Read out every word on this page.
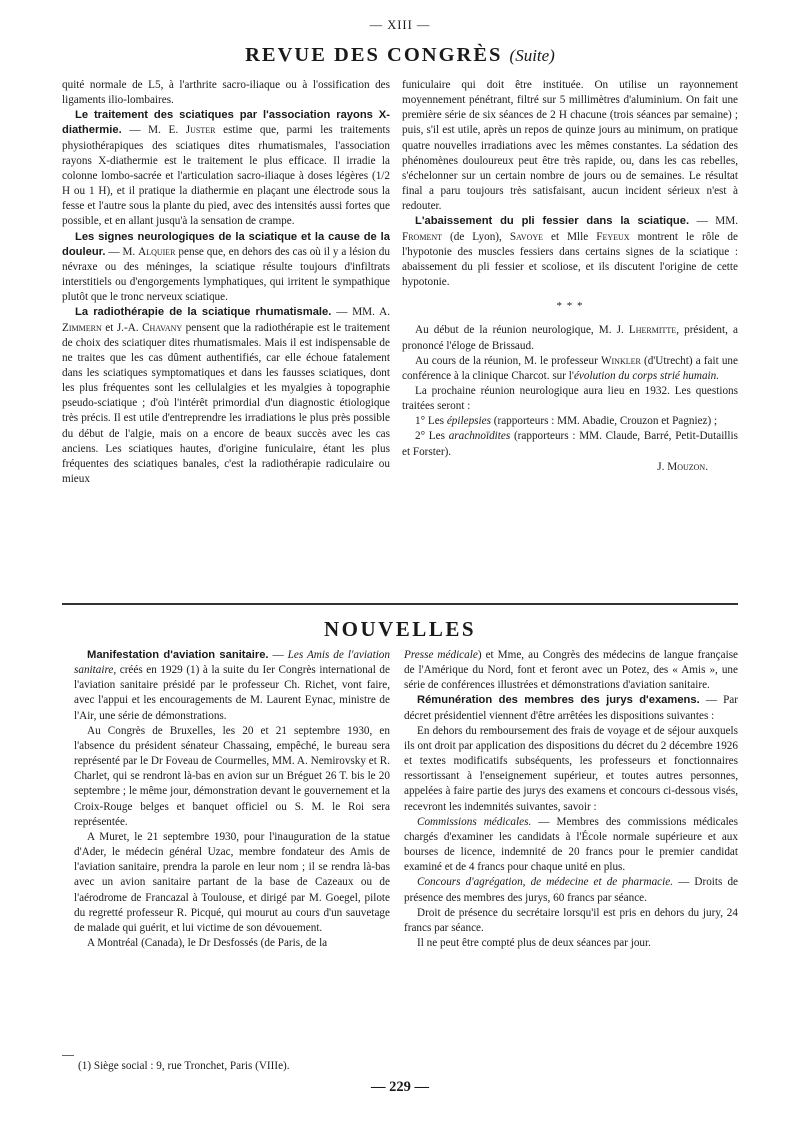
— XIII —
REVUE DES CONGRÈS (Suite)

quité normale de L5, à l'arthrite sacro-iliaque ou à l'ossification des ligaments ilio-lombaires.

Le traitement des sciatiques par l'association rayons X-diathermie. — M. E. Juster estime que, parmi les traitements physiothérapiques des sciatiques dites rhumatismales, l'association rayons X-diathermie est le traitement le plus efficace. Il irradie la colonne lombo-sacrée et l'articulation sacro-iliaque à doses légères (1/2 H ou 1 H), et il pratique la diathermie en plaçant une électrode sous la fesse et l'autre sous la plante du pied, avec des intensités aussi fortes que possible, et en allant jusqu'à la sensation de crampe.

Les signes neurologiques de la sciatique et la cause de la douleur. — M. Alquier pense que, en dehors des cas où il y a lésion du névraxe ou des méninges, la sciatique résulte toujours d'infiltrats interstitiels ou d'engorgements lymphatiques, qui irritent le sympathique plutôt que le tronc nerveux sciatique.

La radiothérapie de la sciatique rhumatismale. — MM. A. Zimmern et J.-A. Chavany pensent que la radiothérapie est le traitement de choix des sciatiquer dites rhumatismales. Mais il est indispensable de ne traites que les cas dûment authentifiés, car elle échoue fatalement dans les sciatiques symptomatiques et dans les fausses sciatiques, dont les plus fréquentes sont les cellulalgies et les myalgies à topographie pseudo-sciatique ; d'où l'intérêt primordial d'un diagnostic étiologique très précis. Il est utile d'entreprendre les irradiations le plus près possible du début de l'algie, mais on a encore de beaux succès avec les cas anciens. Les sciatiques hautes, d'origine funiculaire, étant les plus fréquentes des sciatiques banales, c'est la radiothérapie radiculaire ou mieux

funiculaire qui doit être instituée. On utilise un rayonnement moyennement pénétrant, filtré sur 5 millimètres d'aluminium. On fait une première série de six séances de 2 H chacune (trois séances par semaine) ; puis, s'il est utile, après un repos de quinze jours au minimum, on pratique quatre nouvelles irradiations avec les mêmes constantes. La sédation des phénomènes douloureux peut être très rapide, ou, dans les cas rebelles, s'échelonner sur un certain nombre de jours ou de semaines. Le résultat final a paru toujours très satisfaisant, aucun incident sérieux n'est à redouter.

L'abaissement du pli fessier dans la sciatique. — MM. Froment (de Lyon), Savoye et Mlle Feyeux montrent le rôle de l'hypotonie des muscles fessiers dans certains signes de la sciatique : abaissement du pli fessier et scoliose, et ils discutent l'origine de cette hypotonie.

* * *

Au début de la réunion neurologique, M. J. Lhermitte, président, a prononcé l'éloge de Brissaud.

Au cours de la réunion, M. le professeur Winkler (d'Utrecht) a fait une conférence à la clinique Charcot. sur l'évolution du corps strié humain.

La prochaine réunion neurologique aura lieu en 1932. Les questions traitées seront :

1° Les épilepsies (rapporteurs : MM. Abadie, Crouzon et Pagniez) ;

2° Les arachnoïdites (rapporteurs : MM. Claude, Barré, Petit-Dutaillis et Forster).

J. Mouzon.

NOUVELLES

Manifestation d'aviation sanitaire. — Les Amis de l'aviation sanitaire, créés en 1929 (1) à la suite du Ier Congrès international de l'aviation sanitaire présidé par le professeur Ch. Richet, vont faire, avec l'appui et les encouragements de M. Laurent Eynac, ministre de l'Air, une série de démonstrations.

Au Congrès de Bruxelles, les 20 et 21 septembre 1930, en l'absence du président sénateur Chassaing, empêché, le bureau sera représenté par le Dr Foveau de Courmelles, MM. A. Nemirovsky et R. Charlet, qui se rendront là-bas en avion sur un Bréguet 26 T. bis le 20 septembre ; le même jour, démonstration devant le gouvernement et la Croix-Rouge belges et banquet officiel ou S. M. le Roi sera représentée.

A Muret, le 21 septembre 1930, pour l'inauguration de la statue d'Ader, le médecin général Uzac, membre fondateur des Amis de l'aviation sanitaire, prendra la parole en leur nom ; il se rendra là-bas avec un avion sanitaire partant de la base de Cazeaux ou de l'aérodrome de Francazal à Toulouse, et dirigé par M. Goegel, pilote du regretté professeur R. Picqué, qui mourut au cours d'un sauvetage de malade qui guérit, et lui victime de son dévouement.

A Montréal (Canada), le Dr Desfossés (de Paris, de la

Presse médicale) et Mme, au Congrès des médecins de langue française de l'Amérique du Nord, font et feront avec un Potez, des « Amis », une série de conférences illustrées et démonstrations d'aviation sanitaire.

Rémunération des membres des jurys d'examens. — Par décret présidentiel viennent d'être arrêtées les dispositions suivantes :

En dehors du remboursement des frais de voyage et de séjour auxquels ils ont droit par application des dispositions du décret du 2 décembre 1926 et textes modificatifs subséquents, les professeurs et fonctionnaires ressortissant à l'enseignement supérieur, et toutes autres personnes, appelées à faire partie des jurys des examens et concours ci-dessous visés, recevront les indemnités suivantes, savoir :

Commissions médicales. — Membres des commissions médicales chargés d'examiner les candidats à l'École normale supérieure et aux bourses de licence, indemnité de 20 francs pour le premier candidat examiné et de 4 francs pour chaque unité en plus.

Concours d'agrégation, de médecine et de pharmacie. — Droits de présence des membres des jurys, 60 francs par séance.

Droit de présence du secrétaire lorsqu'il est pris en dehors du jury, 24 francs par séance.

Il ne peut être compté plus de deux séances par jour.

(1) Siège social : 9, rue Tronchet, Paris (VIIIe).
— 229 —
